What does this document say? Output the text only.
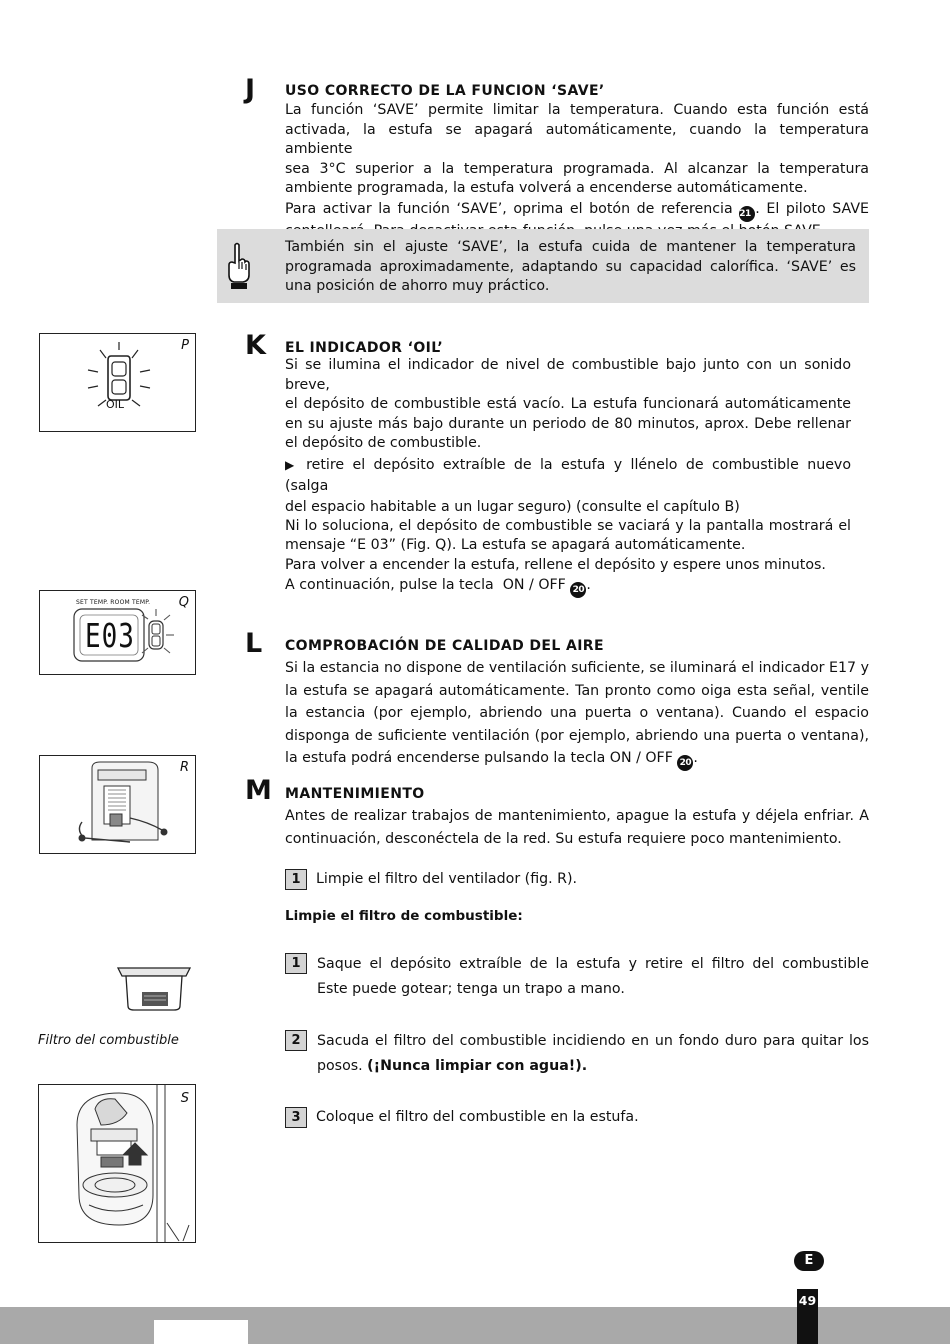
J USO CORRECTO DE LA FUNCION ‘SAVE’
La función ‘SAVE’ permite limitar la temperatura. Cuando esta función está
activada, la estufa se apagará automáticamente, cuando la temperatura ambiente
sea 3°C superior a la temperatura programada. Al alcanzar la temperatura
ambiente programada, la estufa volverá a encenderse automáticamente.
Para activar la función ‘SAVE’, oprima el botón de referencia 21 . El piloto SAVE
También sin el ajuste ‘SAVE’, la estufa cuida de mantener la temperatura
programada aproximadamente, adaptando su capacidad calorífica. ‘SAVE’ es
una posición de ahorro muy práctico.
P
OIL
K EL INDICADOR ‘OIL’
Si se ilumina el indicador de nivel de combustible bajo junto con un sonido breve,
el depósito de combustible está vacío. La estufa funcionará automáticamente
en su ajuste más bajo durante un periodo de 80 minutos, aprox. Debe rellenar
el depósito de combustible.
▶ retire el depósito extraíble de la estufa y llénelo de combustible nuevo (salga
del espacio habitable a un lugar seguro) (consulte el capítulo B)
Ni lo soluciona, el depósito de combustible se vaciará y la pantalla mostrará el
mensaje “E 03” (Fig. Q). La estufa se apagará automáticamente.
Para volver a encender la estufa, rellene el depósito y espere unos minutos.
A continuación, pulse la tecla  ON / OFF 20 .
Q
SET TEMP. ROOM TEMP.
E03	L COMPROBACIÓN DE CALIDAD DEL AIRE
Si la estancia no dispone de ventilación suficiente, se iluminará el indicador E17 y
la estufa se apagará automáticamente. Tan pronto como oiga esta señal, ventile
la estancia (por ejemplo, abriendo una puerta o ventana). Cuando el espacio
disponga de suficiente ventilación (por ejemplo, abriendo una puerta o ventana),
la estufa podrá encenderse pulsando la tecla ON / OFF 20 .
R
M MANTENIMIENTO
Antes de realizar trabajos de mantenimiento, apague la estufa y déjela enfriar. A
continuación, desconéctela de la red. Su estufa requiere poco mantenimiento.
1 Limpie el filtro del ventilador (fig. R).
Limpie el filtro de combustible:
1	Saque el depósito extraíble de la estufa y retire el filtro del combustible
Este puede gotear; tenga un trapo a mano.
2	Sacuda el filtro del combustible incidiendo en un fondo duro para quitar los
posos. (¡Nunca limpiar con agua!).
3 Coloque el filtro del combustible en la estufa.
Filtro del combustible
S
E
49
